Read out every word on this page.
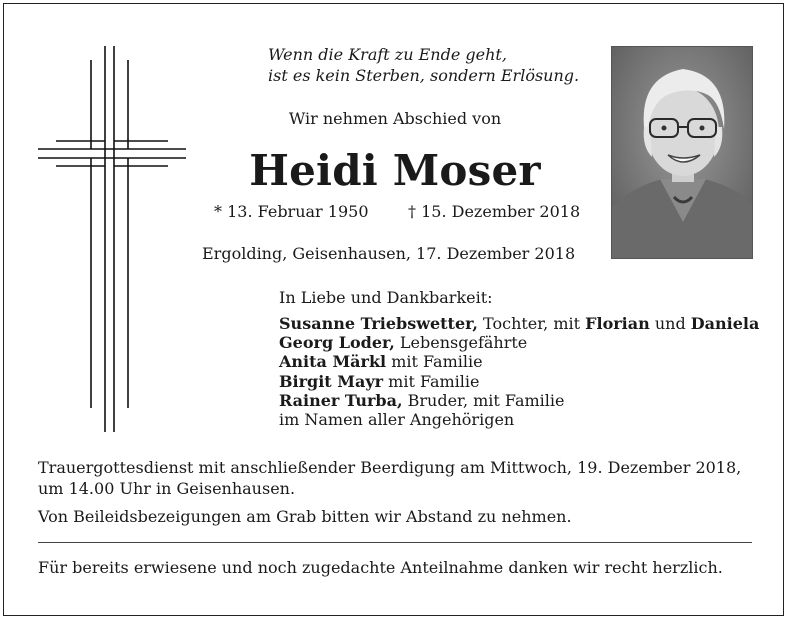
Wenn die Kraft zu Ende geht,
ist es kein Sterben, sondern Erlösung.
Wir nehmen Abschied von
Heidi Moser
* 13. Februar 1950 † 15. Dezember 2018
Ergolding, Geisenhausen, 17. Dezember 2018
In Liebe und Dankbarkeit:
Susanne Triebswetter, Tochter, mit Florian und Daniela
Georg Loder, Lebensgefährte
Anita Märkl mit Familie
Birgit Mayr mit Familie
Rainer Turba, Bruder, mit Familie
im Namen aller Angehörigen
Trauergottesdienst mit anschließender Beerdigung am Mittwoch, 19. Dezember 2018,
um 14.00 Uhr in Geisenhausen.
Von Beileidsbezeigungen am Grab bitten wir Abstand zu nehmen.
Für bereits erwiesene und noch zugedachte Anteilnahme danken wir recht herzlich.
